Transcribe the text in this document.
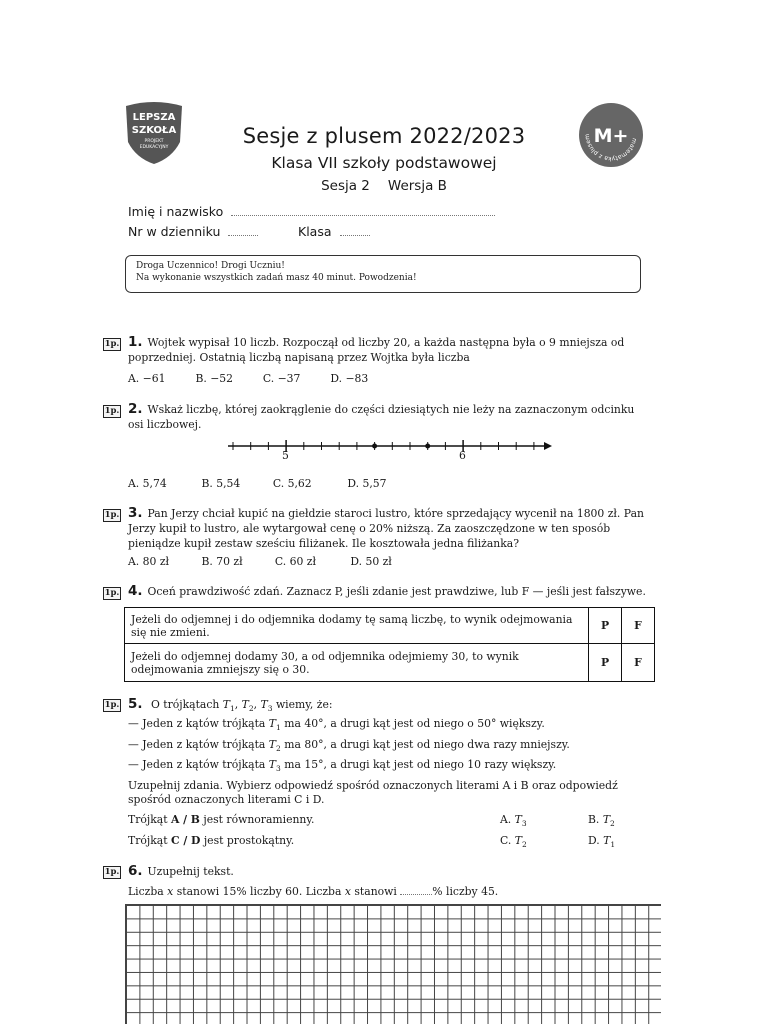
LEPSZA
SZKOŁA
PROJEKT
EDUKACYJNY
matematyka z plusem M+
Sesje z plusem 2022/2023
Klasa VII szkoły podstawowej
Sesja 2 Wersja B
Imię i nazwisko
Nr w dzienniku	Klasa
Droga Uczennico! Drogi Uczniu!
Na wykonanie wszystkich zadań masz 40 minut. Powodzenia!
1p. 1. Wojtek wypisał 10 liczb. Rozpoczął od liczby 20, a każda następna była o 9 mniejsza od poprzedniej. Ostatnią liczbą napisaną przez Wojtka była liczba
A. −61	B. −52	C. −37	D. −83
1p. 2. Wskaż liczbę, której zaokrąglenie do części dziesiątych nie leży na zaznaczonym odcinku osi liczbowej.
5	6
A. 5,74	B. 5,54	C. 5,62	D. 5,57
1p. 3. Pan Jerzy chciał kupić na giełdzie staroci lustro, które sprzedający wycenił na 1800 zł. Pan Jerzy kupił to lustro, ale wytargował cenę o 20% niższą. Za zaoszczędzone w ten sposób pieniądze kupił zestaw sześciu filiżanek. Ile kosztowała jedna filiżanka?
A. 80 zł	B. 70 zł	C. 60 zł	D. 50 zł
1p. 4. Oceń prawdziwość zdań. Zaznacz P, jeśli zdanie jest prawdziwe, lub F — jeśli jest fałszywe.
Jeżeli do odjemnej i do odjemnika dodamy tę samą liczbę, to wynik odejmowania się nie zmieni.	P	F
Jeżeli do odjemnej dodamy 30, a od odjemnika odejmiemy 30, to wynik odejmowania zmniejszy się o 30.	P	F
1p. 5. O trójkątach $T_1$, $T_2$, $T_3$ wiemy, że:
— Jeden z kątów trójkąta $T_1$ ma 40°, a drugi kąt jest od niego o 50° większy.
— Jeden z kątów trójkąta $T_2$ ma 80°, a drugi kąt jest od niego dwa razy mniejszy.
— Jeden z kątów trójkąta $T_3$ ma 15°, a drugi kąt jest od niego 10 razy większy.
Uzupełnij zdania. Wybierz odpowiedź spośród oznaczonych literami A i B oraz odpowiedź spośród oznaczonych literami C i D.
Trójkąt A / B jest równoramienny.	A. $T_3$	B. $T_2$
Trójkąt C / D jest prostokątny.	C. $T_2$	D. $T_1$
1p. 6. Uzupełnij tekst.
Liczba x stanowi 15% liczby 60. Liczba x stanowi	% liczby 45.
